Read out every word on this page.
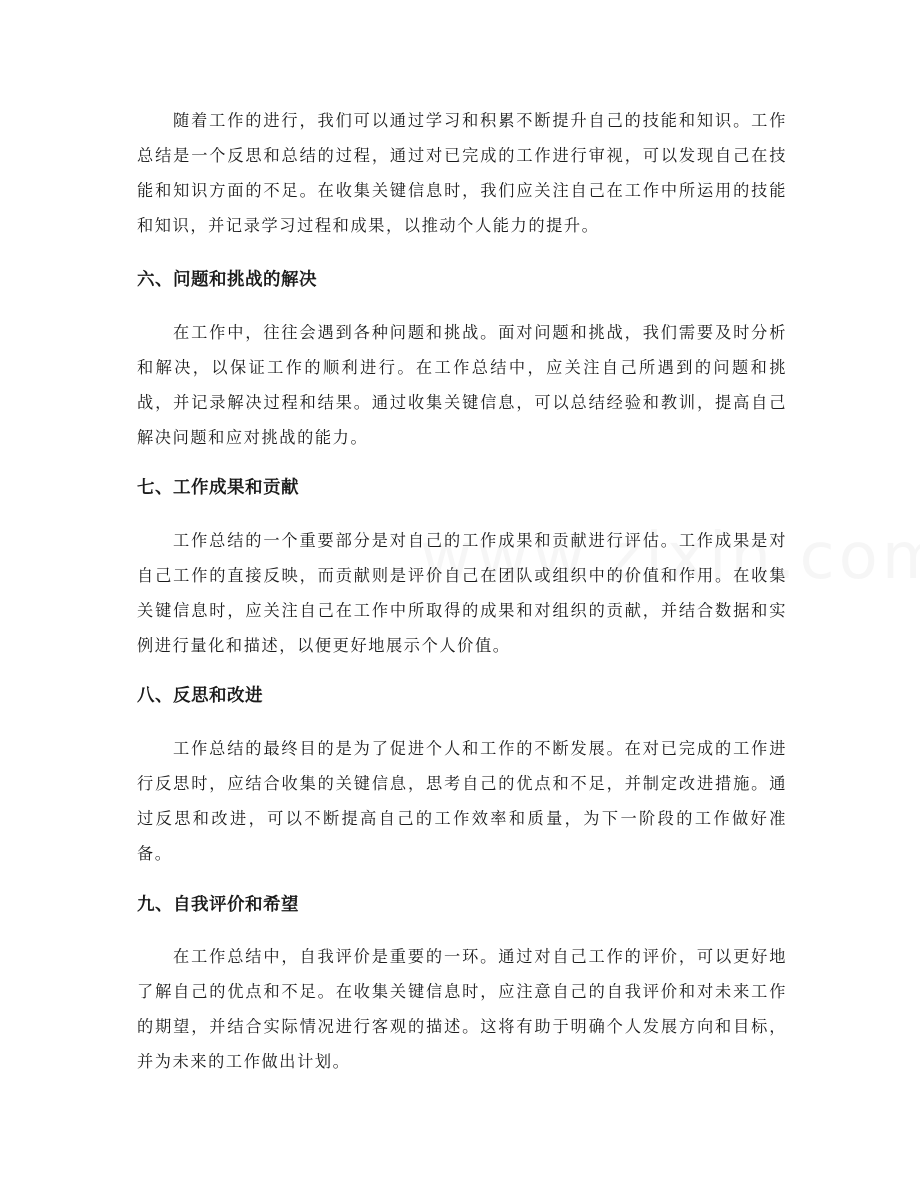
随着工作的进行，我们可以通过学习和积累不断提升自己的技能和知识。工作总结是一个反思和总结的过程，通过对已完成的工作进行审视，可以发现自己在技能和知识方面的不足。在收集关键信息时，我们应关注自己在工作中所运用的技能和知识，并记录学习过程和成果，以推动个人能力的提升。

六、问题和挑战的解决

在工作中，往往会遇到各种问题和挑战。面对问题和挑战，我们需要及时分析和解决，以保证工作的顺利进行。在工作总结中，应关注自己所遇到的问题和挑战，并记录解决过程和结果。通过收集关键信息，可以总结经验和教训，提高自己解决问题和应对挑战的能力。

七、工作成果和贡献

工作总结的一个重要部分是对自己的工作成果和贡献进行评估。工作成果是对自己工作的直接反映，而贡献则是评价自己在团队或组织中的价值和作用。在收集关键信息时，应关注自己在工作中所取得的成果和对组织的贡献，并结合数据和实例进行量化和描述，以便更好地展示个人价值。

八、反思和改进

工作总结的最终目的是为了促进个人和工作的不断发展。在对已完成的工作进行反思时，应结合收集的关键信息，思考自己的优点和不足，并制定改进措施。通过反思和改进，可以不断提高自己的工作效率和质量，为下一阶段的工作做好准备。

九、自我评价和希望

在工作总结中，自我评价是重要的一环。通过对自己工作的评价，可以更好地了解自己的优点和不足。在收集关键信息时，应注意自己的自我评价和对未来工作的期望，并结合实际情况进行客观的描述。这将有助于明确个人发展方向和目标，并为未来的工作做出计划。
